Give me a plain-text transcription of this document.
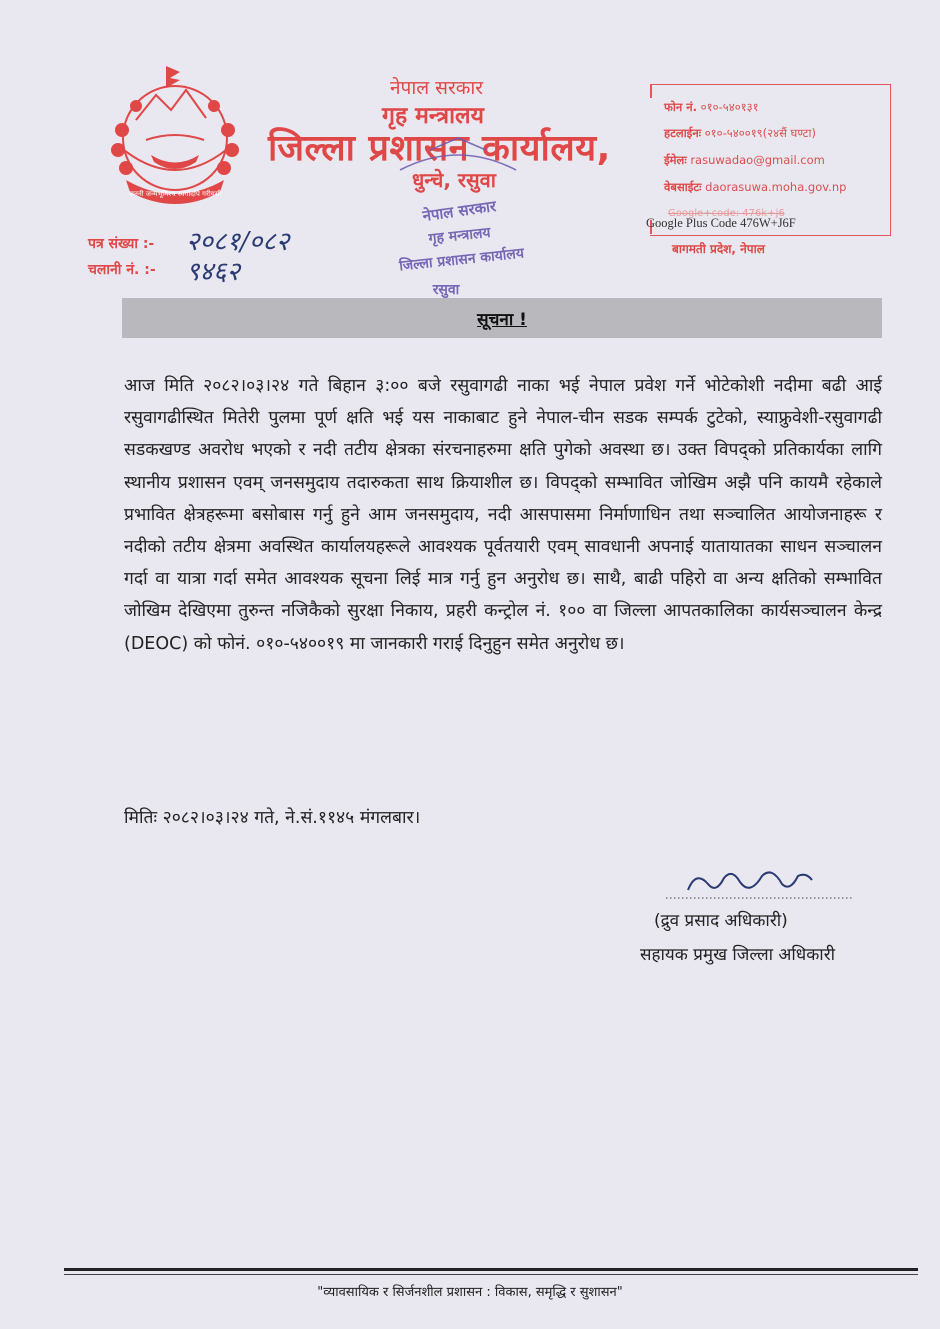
जननी जन्मभूमिश्च स्वर्गादपि गरीयसी
नेपाल सरकार
गृह मन्त्रालय
जिल्ला प्रशासन कार्यालय,
धुन्चे, रसुवा
फोन नं. ०१०-५४०१३१
हटलाईनः ०१०-५४००१९(२४सैं घण्टा)
ईमेलः rasuwadao@gmail.com
वेबसाईटः daorasuwa.moha.gov.np
Google+code: 476k+j6
Google Plus Code 476W+J6F
बागमती प्रदेश, नेपाल
पत्र संख्या :- २०८१/०८२
चलानी नं. :- ९४६२
नेपाल सरकार
गृह मन्त्रालय
जिल्ला प्रशासन कार्यालय
रसुवा
सूचना !
आज मिति २०८२।०३।२४ गते बिहान ३:०० बजे रसुवागढी नाका भई नेपाल प्रवेश गर्ने भोटेकोशी नदीमा बढी आई रसुवागढीस्थित मितेरी पुलमा पूर्ण क्षति भई यस नाकाबाट हुने नेपाल-चीन सडक सम्पर्क टुटेको, स्याफ्रुवेशी-रसुवागढी सडकखण्ड अवरोध भएको र नदी तटीय क्षेत्रका संरचनाहरुमा क्षति पुगेको अवस्था छ। उक्त विपद्को प्रतिकार्यका लागि स्थानीय प्रशासन एवम् जनसमुदाय तदारुकता साथ क्रियाशील छ। विपद्को सम्भावित जोखिम अझै पनि कायमै रहेकाले प्रभावित क्षेत्रहरूमा बसोबास गर्नु हुने आम जनसमुदाय, नदी आसपासमा निर्माणाधिन तथा सञ्चालित आयोजनाहरू र नदीको तटीय क्षेत्रमा अवस्थित कार्यालयहरूले आवश्यक पूर्वतयारी एवम् सावधानी अपनाई यातायातका साधन सञ्चालन गर्दा वा यात्रा गर्दा समेत आवश्यक सूचना लिई मात्र गर्नु हुन अनुरोध छ। साथै, बाढी पहिरो वा अन्य क्षतिको सम्भावित जोखिम देखिएमा तुरुन्त नजिकैको सुरक्षा निकाय, प्रहरी कन्ट्रोल नं. १०० वा जिल्ला आपतकालिका कार्यसञ्चालन केन्द्र (DEOC) को फोनं. ०१०-५४००१९ मा जानकारी गराई दिनुहुन समेत अनुरोध छ।
मितिः २०८२।०३।२४ गते, ने.सं.११४५ मंगलबार।
(द्रुव प्रसाद अधिकारी)
सहायक प्रमुख जिल्ला अधिकारी
"व्यावसायिक र सिर्जनशील प्रशासन : विकास, समृद्धि र सुशासन"
